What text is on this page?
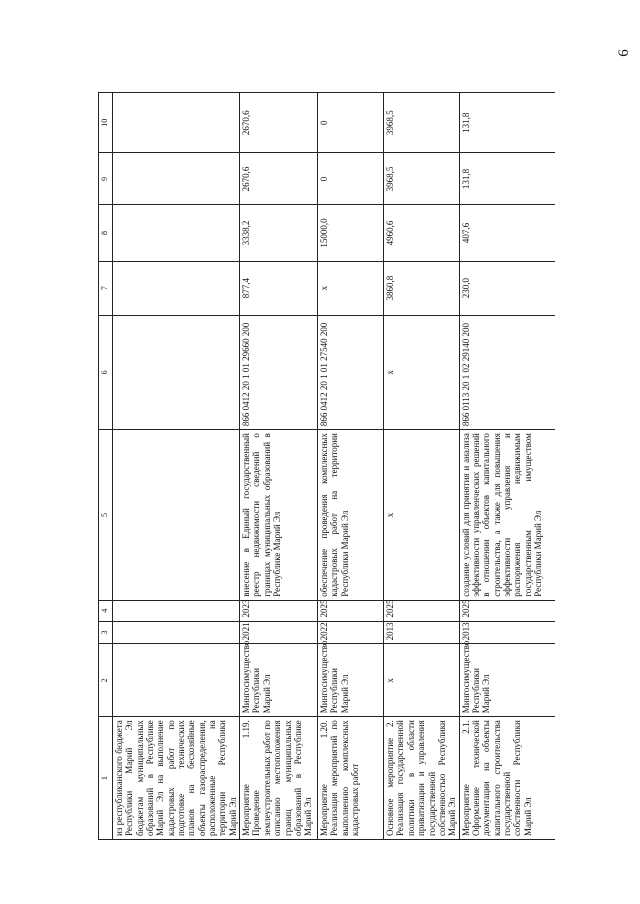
6
1	2	3	4	5	6	7	8	9	10
из республиканского бюджета Республики Марий Эл бюджетам муниципальных образований в Республике Марий Эл на выполнение кадастровых работ по подготовке технических планов на бесхозяйные объекты газораспределения, расположенные на территории Республики Марий Эл									
Мероприятие 1.19. Проведение землеустроительных работ по описанию местоположения границ муниципальных образований в Республике Марий Эл	Мингосимущество Республики Марий Эл	2021	2023	внесение в Единый государственный реестр недвижимости сведений о границах муниципальных образований в Республике Марий Эл	866 0412 20 1 01 29660 200	877,4	3338,2	2670,6	2670,6
Мероприятие 1.20. Реализация мероприятий по выполнению комплексных кадастровых работ	Мингосимущество Республики Марий Эл	2022	2025	обеспечение проведения комплексных кадастровых работ на территории Республики Марий Эл	866 0412 20 1 01 27540 200	х	15000,0	0	0
Основное мероприятие 2. Реализация государственной политики в области приватизации и управления государственной собственностью Республики Марий Эл	х	2013	2025	х	х	3860,8	4960,6	3968,5	3968,5
Мероприятие 2.1. Оформление технической документации на объекты капитального строительства государственной собственности Республики Марий Эл	Мингосимущество Республики Марий Эл	2013	2025	создание условий для принятия и анализа эффективности управленческих решений в отношении объектов капитального строительства, а также для повышения эффективности управления и распоряжения недвижимым государственным имуществом Республики Марий Эл	866 0113 20 1 02 29140 200	230,0	407,6	131,8	131,8
